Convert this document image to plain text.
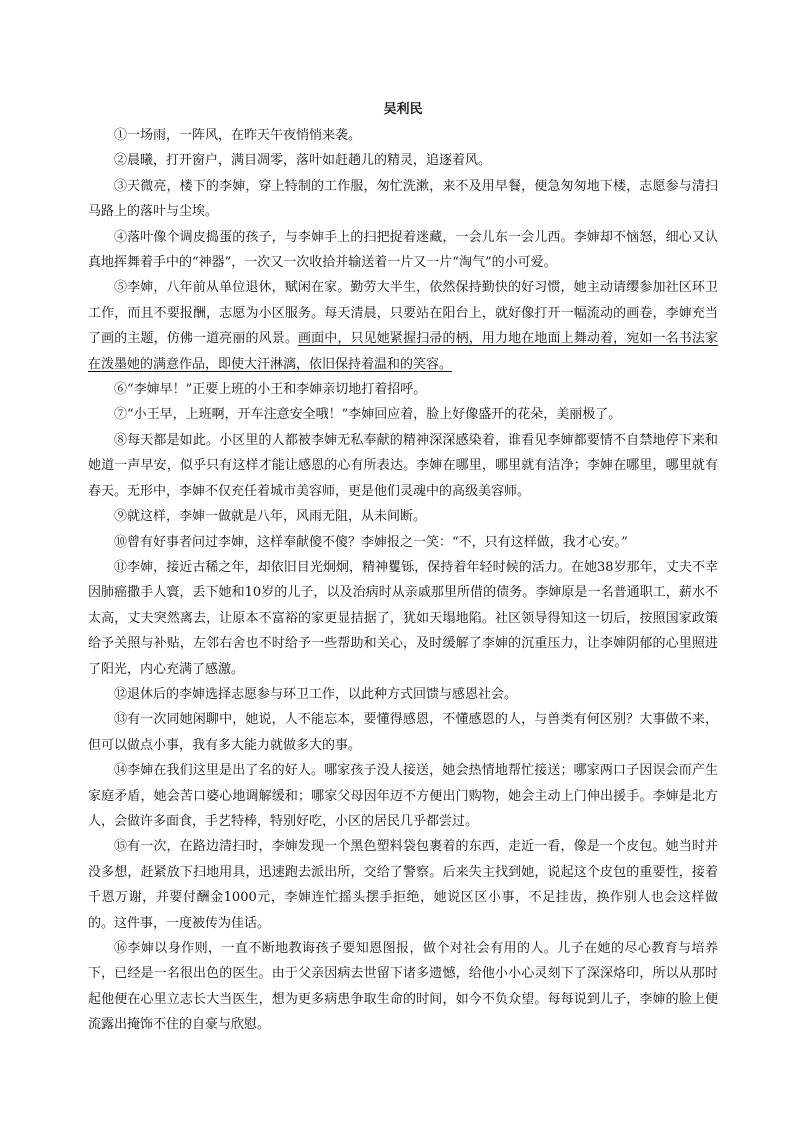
吴利民

①一场雨，一阵风，在昨天午夜悄悄来袭。

②晨曦，打开窗户，满目凋零，落叶如赶趟儿的精灵，追逐着风。

③天微亮，楼下的李婶，穿上特制的工作服，匆忙洗漱，来不及用早餐，便急匆匆地下楼，志愿参与清扫马路上的落叶与尘埃。

④落叶像个调皮捣蛋的孩子，与李婶手上的扫把捉着迷藏，一会儿东一会儿西。李婶却不恼怒，细心又认真地挥舞着手中的“神器”，一次又一次收拾并输送着一片又一片“淘气”的小可爱。

⑤李婶，八年前从单位退休，赋闲在家。勤劳大半生，依然保持勤快的好习惯，她主动请缨参加社区环卫工作，而且不要报酬，志愿为小区服务。每天清晨，只要站在阳台上，就好像打开一幅流动的画卷，李婶充当了画的主题，仿佛一道亮丽的风景。画面中，只见她紧握扫帚的柄，用力地在地面上舞动着，宛如一名书法家在泼墨她的满意作品，即使大汗淋漓，依旧保持着温和的笑容。

⑥“李婶早！”正要上班的小王和李婶亲切地打着招呼。

⑦“小王早，上班啊，开车注意安全哦！”李婶回应着，脸上好像盛开的花朵，美丽极了。

⑧每天都是如此。小区里的人都被李婶无私奉献的精神深深感染着，谁看见李婶都要情不自禁地停下来和她道一声早安，似乎只有这样才能让感恩的心有所表达。李婶在哪里，哪里就有洁净；李婶在哪里，哪里就有春天。无形中，李婶不仅充任着城市美容师，更是他们灵魂中的高级美容师。

⑨就这样，李婶一做就是八年，风雨无阻，从未间断。

⑩曾有好事者问过李婶，这样奉献傻不傻？李婶报之一笑：“不，只有这样做，我才心安。”

⑪李婶，接近古稀之年，却依旧目光炯炯，精神矍铄，保持着年轻时候的活力。在她38岁那年，丈夫不幸因肺癌撒手人寰，丢下她和10岁的儿子，以及治病时从亲戚那里所借的债务。李婶原是一名普通职工，薪水不太高，丈夫突然离去，让原本不富裕的家更显拮据了，犹如天塌地陷。社区领导得知这一切后，按照国家政策给予关照与补贴，左邻右舍也不时给予一些帮助和关心，及时缓解了李婶的沉重压力，让李婶阴郁的心里照进了阳光，内心充满了感激。

⑫退休后的李婶选择志愿参与环卫工作，以此种方式回馈与感恩社会。

⑬有一次同她闲聊中，她说，人不能忘本，要懂得感恩，不懂感恩的人，与兽类有何区别？大事做不来，但可以做点小事，我有多大能力就做多大的事。

⑭李婶在我们这里是出了名的好人。哪家孩子没人接送，她会热情地帮忙接送；哪家两口子因误会而产生家庭矛盾，她会苦口婆心地调解缓和；哪家父母因年迈不方便出门购物，她会主动上门伸出援手。李婶是北方人，会做许多面食，手艺特棒，特别好吃，小区的居民几乎都尝过。

⑮有一次，在路边清扫时，李婶发现一个黑色塑料袋包裹着的东西，走近一看，像是一个皮包。她当时并没多想，赶紧放下扫地用具，迅速跑去派出所，交给了警察。后来失主找到她，说起这个皮包的重要性，接着千恩万谢，并要付酬金1000元，李婶连忙摇头摆手拒绝，她说区区小事，不足挂齿，换作别人也会这样做的。这件事，一度被传为佳话。

⑯李婶以身作则，一直不断地教诲孩子要知恩图报，做个对社会有用的人。儿子在她的尽心教育与培养下，已经是一名很出色的医生。由于父亲因病去世留下诸多遗憾，给他小小心灵刻下了深深烙印，所以从那时起他便在心里立志长大当医生，想为更多病患争取生命的时间，如今不负众望。每每说到儿子，李婶的脸上便流露出掩饰不住的自豪与欣慰。
